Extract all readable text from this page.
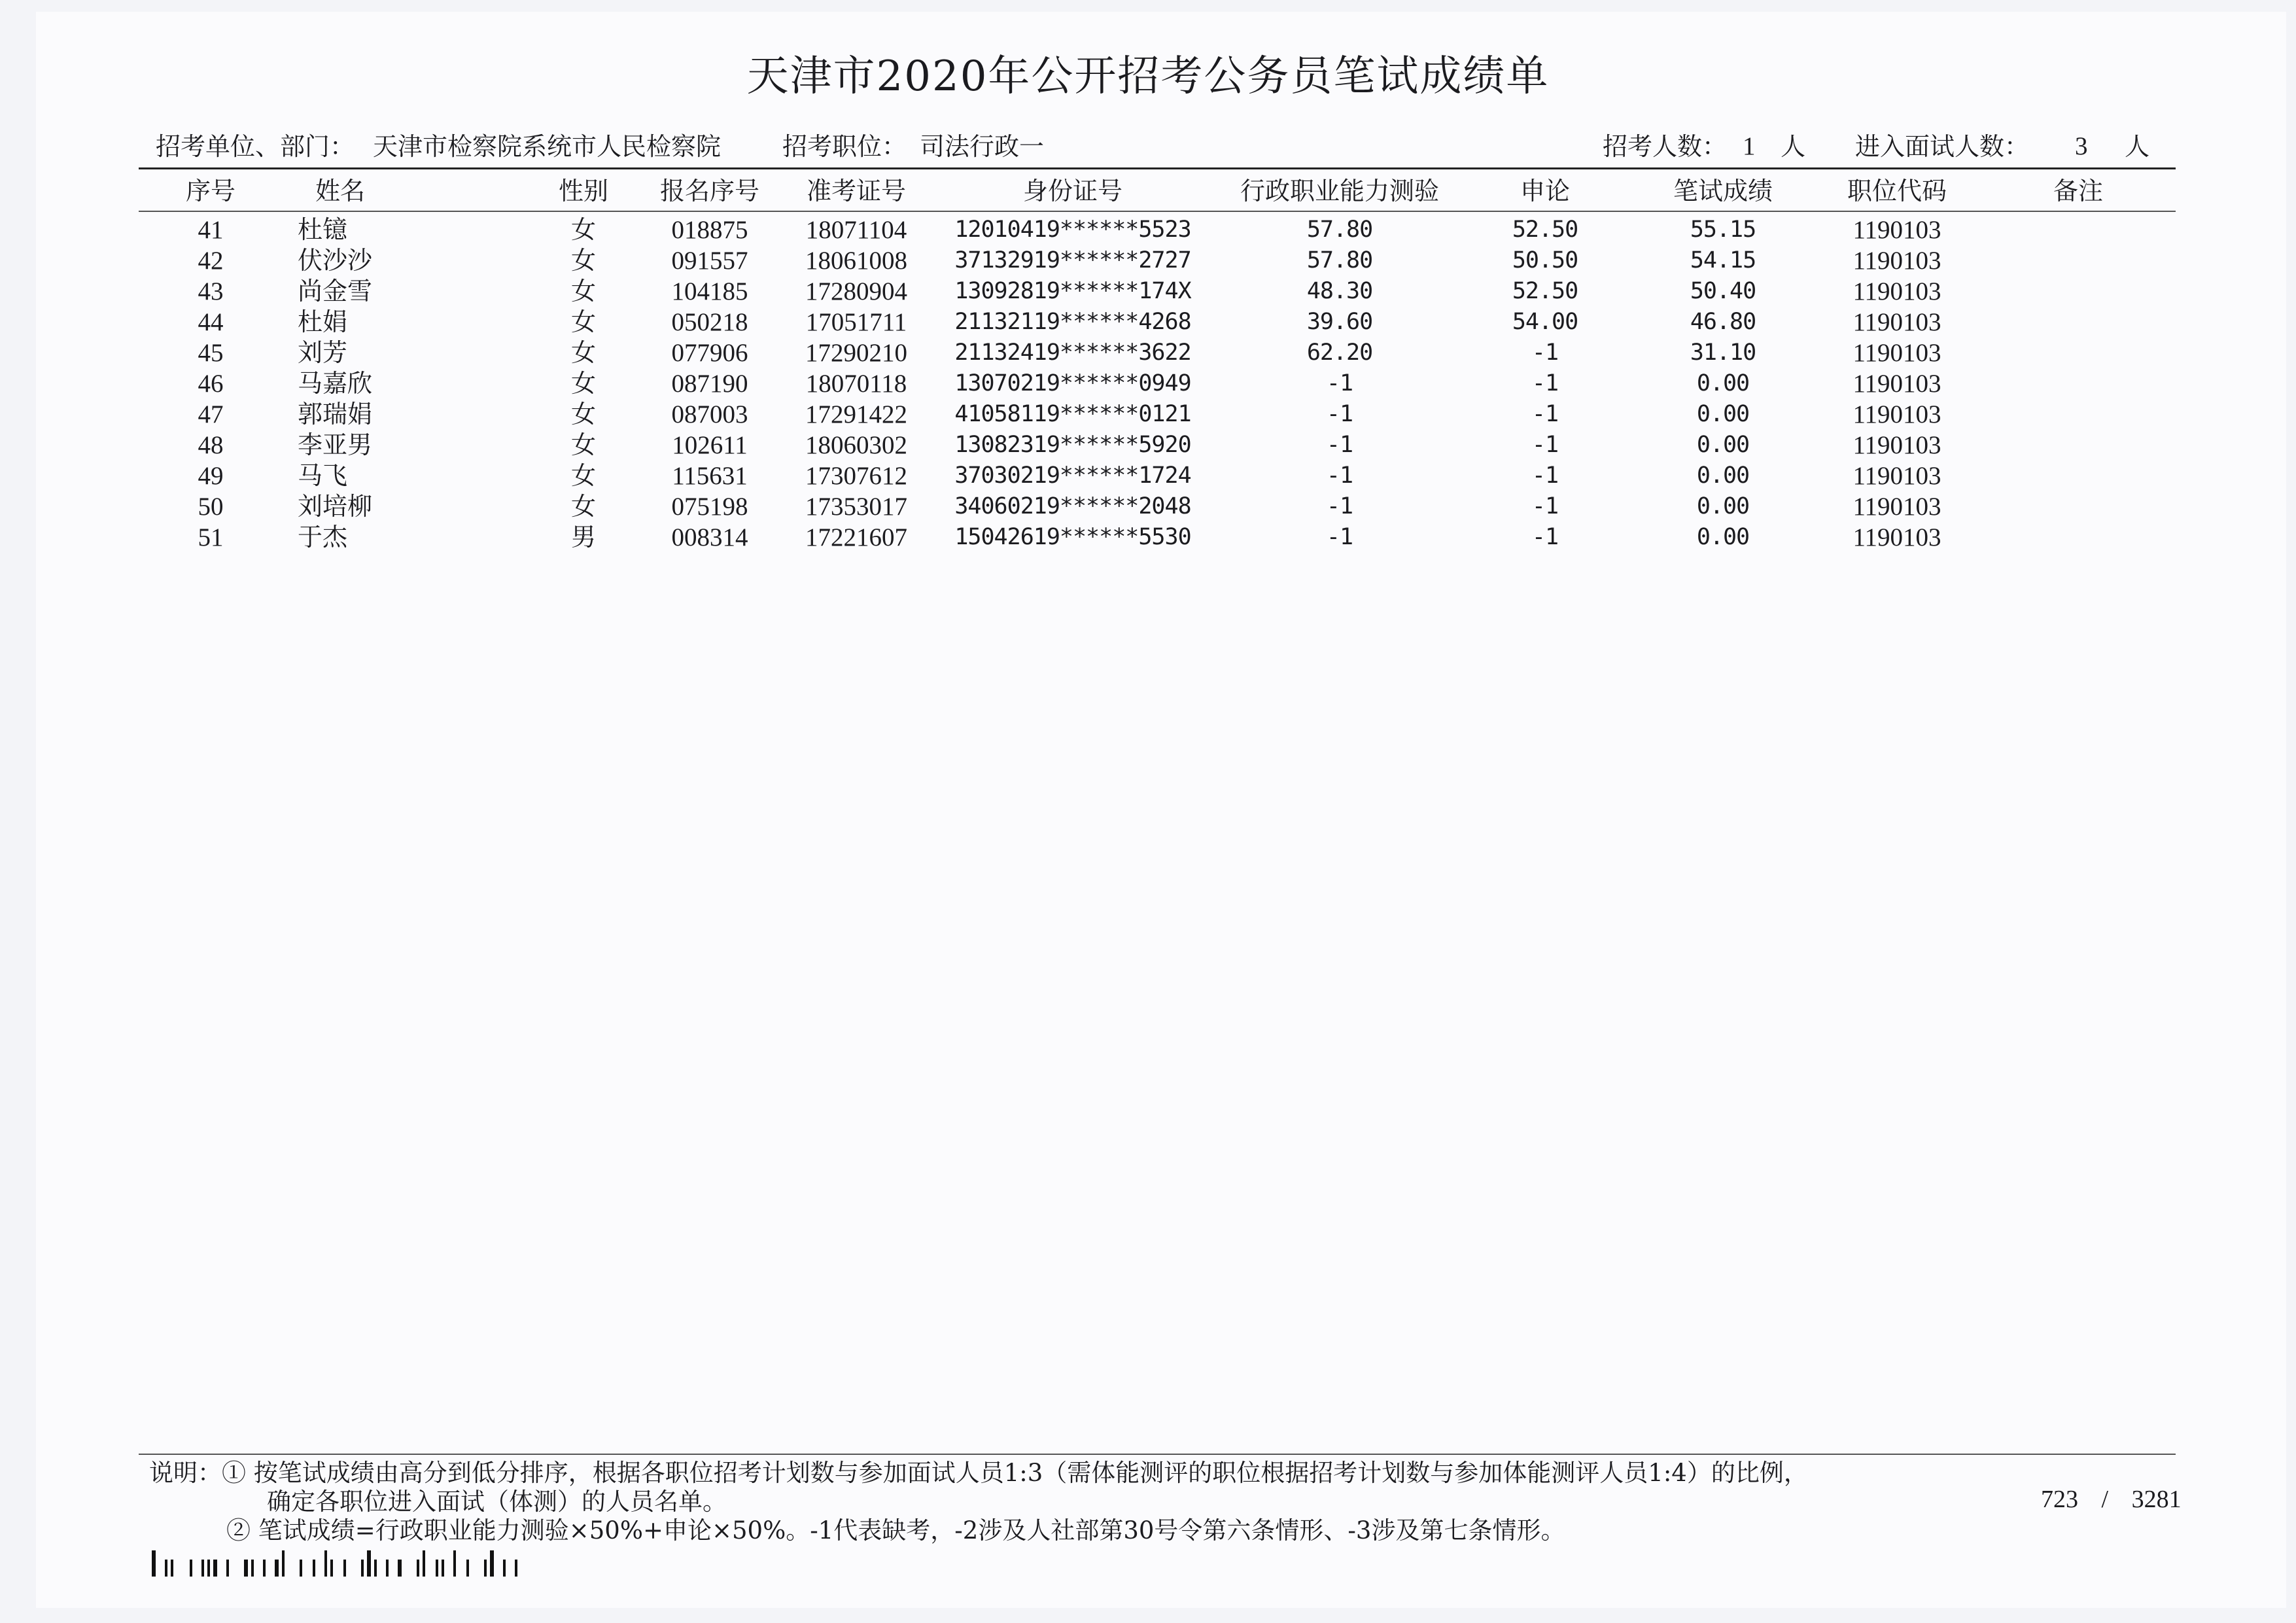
天津市2020年公开招考公务员笔试成绩单
招考单位、部门： 天津市检察院系统市人民检察院 招考职位： 司法行政一	招考人数： 1 人 进入面试人数： 3 人
序号	姓名	性别	报名序号	准考证号	身份证号	行政职业能力测验	申论	笔试成绩	职位代码	备注
41	杜镱	女	018875	18071104	12010419******5523	57.80	52.50	55.15	1190103
42	伏沙沙	女	091557	18061008	37132919******2727	57.80	50.50	54.15	1190103
43	尚金雪	女	104185	17280904	13092819******174X	48.30	52.50	50.40	1190103
44	杜娟	女	050218	17051711	21132119******4268	39.60	54.00	46.80	1190103
45	刘芳	女	077906	17290210	21132419******3622	62.20	-1	31.10	1190103
46	马嘉欣	女	087190	18070118	13070219******0949	-1	-1	0.00	1190103
47	郭瑞娟	女	087003	17291422	41058119******0121	-1	-1	0.00	1190103
48	李亚男	女	102611	18060302	13082319******5920	-1	-1	0.00	1190103
49	马飞	女	115631	17307612	37030219******1724	-1	-1	0.00	1190103
50	刘培柳	女	075198	17353017	34060219******2048	-1	-1	0.00	1190103
51	于杰	男	008314	17221607	15042619******5530	-1	-1	0.00	1190103
说明：① 按笔试成绩由高分到低分排序，根据各职位招考计划数与参加面试人员1:3（需体能测评的职位根据招考计划数与参加体能测评人员1:4）的比例，
确定各职位进入面试（体测）的人员名单。
② 笔试成绩=行政职业能力测验×50%+申论×50%。-1代表缺考，-2涉及人社部第30号令第六条情形、-3涉及第七条情形。
723 / 3281
